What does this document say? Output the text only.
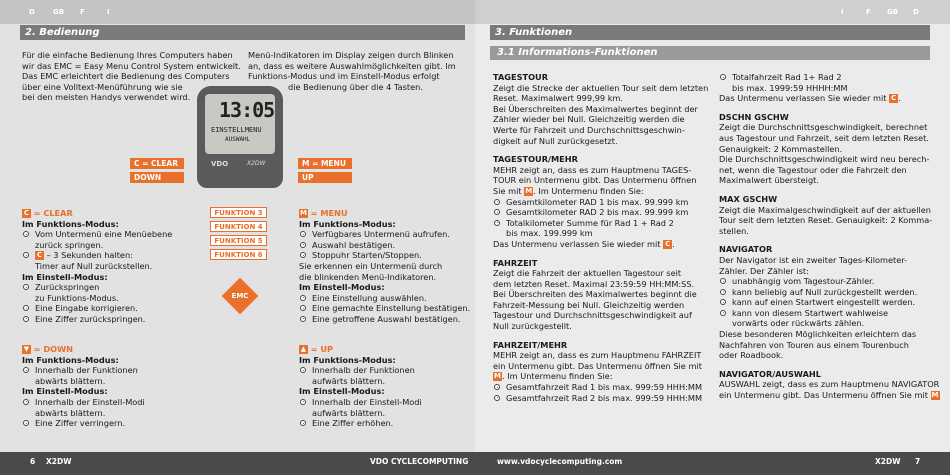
D	GB F	I
2. Bedienung

Für die einfache Bedienung Ihres Computers haben

wir das EMC = Easy Menu Control System entwickelt.

Das EMC erleichtert die Bedienung des Computers

über eine Volltext-Menüführung wie sie

bei den meisten Handys verwendet wird.

Menü-Indikatoren im Display zeigen durch Blinken

an, dass es weitere Auswahlmöglichkeiten gibt. Im

Funktions-Modus und im Einstell-Modus erfolgt

die Bedienung über die 4 Tasten.

13:05
EINSTELLMENU
AUSWAHL
VDO	X2DW
C = CLEAR
DOWN
M = MENU
UP
FUNKTION 3
FUNKTION 4
FUNKTION 5
FUNKTION 6
EMC

C = CLEAR

Im Funktions-Modus:

Vom Untermenü eine Menüebene
zurück springen.
C – 3 Sekunden halten:
Timer auf Null zurückstellen.

Im Einstell-Modus:

Zurückspringen
zu Funktions-Modus.
Eine Eingabe korrigieren.
Eine Ziffer zurückspringen.

▼ = DOWN

Im Funktions-Modus:

Innerhalb der Funktionen
abwärts blättern.

Im Einstell-Modus:

Innerhalb der Einstell-Modi
abwärts blättern.
Eine Ziffer verringern.

M = MENU

Im Funktions-Modus:

Verfügbares Untermenü aufrufen.
Auswahl bestätigen.
Stoppuhr Starten/Stoppen.

Sie erkennen ein Untermenü durch

die blinkenden Menü-Indikatoren.

Im Einstell-Modus:

Eine Einstellung auswählen.
Eine gemachte Einstellung bestätigen.
Eine getroffene Auswahl bestätigen.

▲ = UP

Im Funktions-Modus:

Innerhalb der Funktionen
aufwärts blättern.

Im Einstell-Modus:

Innerhalb der Einstell-Modi
aufwärts blättern.
Eine Ziffer erhöhen.
6 X2DW	VDO CYCLECOMPUTING
I	F GB D
3. Funktionen
3.1 Informations-Funktionen

TAGESTOUR

Zeigt die Strecke der aktuellen Tour seit dem letzten

Reset. Maximalwert 999,99 km.

Bei Überschreiten des Maximalwertes beginnt der

Zähler wieder bei Null. Gleichzeitig werden die

Werte für Fahrzeit und Durchschnittsgeschwin-

digkeit auf Null zurückgesetzt.

TAGESTOUR/MEHR

MEHR zeigt an, dass es zum Hauptmenu TAGES-

TOUR ein Untermenu gibt. Das Untermenu öffnen

Sie mit M. Im Untermenu finden Sie:

Gesamtkilometer RAD 1 bis max. 99.999 km
Gesamtkilometer RAD 2 bis max. 99.999 km
Totalkilometer Summe für Rad 1 + Rad 2
bis max. 199.999 km

Das Untermenu verlassen Sie wieder mit C .

FAHRZEIT

Zeigt die Fahrzeit der aktuellen Tagestour seit

dem letzten Reset. Maximal 23:59:59 HH:MM:SS.

Bei Überschreiten des Maximalwertes beginnt die

Fahrzeit-Messung bei Null. Gleichzeitig werden

Tagestour und Durchschnittsgeschwindigkeit auf

Null zurückgestellt.

FAHRZEIT/MEHR

MEHR zeigt an, dass es zum Hauptmenu FAHRZEIT

ein Untermenu gibt. Das Untermenu öffnen Sie mit

M. Im Untermenu finden Sie:

Gesamtfahrzeit Rad 1 bis max. 999:59 HHH:MM
Gesamtfahrzeit Rad 2 bis max. 999:59 HHH:MM
Totalfahrzeit Rad 1+ Rad 2
bis max. 1999:59 HHHH:MM

Das Untermenu verlassen Sie wieder mit C .

DSCHN GSCHW

Zeigt die Durchschnittsgeschwindigkeit, berechnet

aus Tagestour und Fahrzeit, seit dem letzten Reset.

Genauigkeit: 2 Kommastellen.

Die Durchschnittsgeschwindigkeit wird neu berech-

net, wenn die Tagestour oder die Fahrzeit den

Maximalwert übersteigt.

MAX GSCHW

Zeigt die Maximalgeschwindigkeit auf der aktuellen

Tour seit dem letzten Reset. Genauigkeit: 2 Komma-

stellen.

NAVIGATOR

Der Navigator ist ein zweiter Tages-Kilometer-

Zähler. Der Zähler ist:

unabhängig vom Tagestour-Zähler.
kann beliebig auf Null zurückgestellt werden.
kann auf einen Startwert eingestellt werden.
kann von diesem Startwert wahlweise
vorwärts oder rückwärts zählen.

Diese besonderen Möglichkeiten erleichtern das

Nachfahren von Touren aus einem Tourenbuch

oder Roadbook.

NAVIGATOR/AUSWAHL

AUSWAHL zeigt, dass es zum Hauptmenu NAVIGATOR

ein Untermenu gibt. Das Untermenu öffnen Sie mit M

www.vdocyclecomputing.com	X2DW 7
